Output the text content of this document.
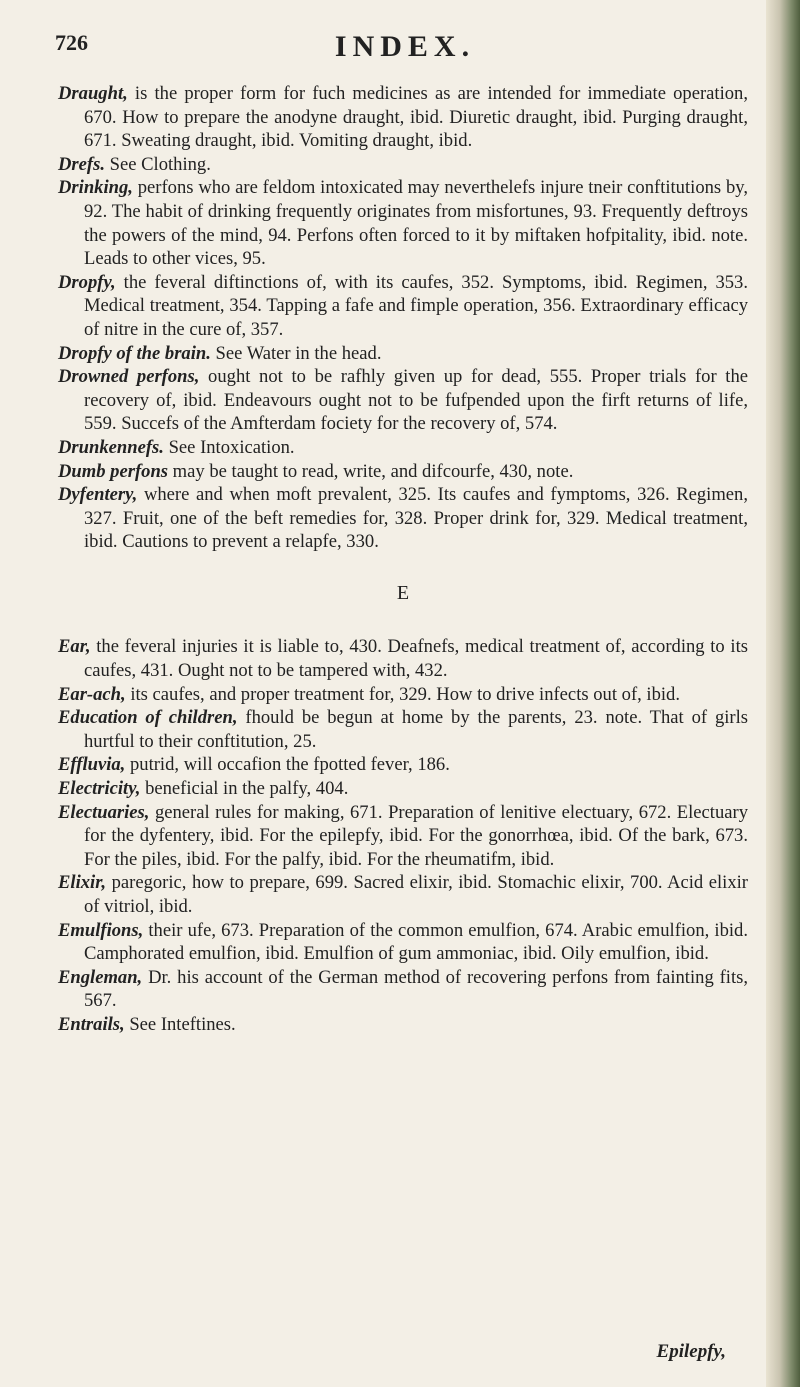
726	INDEX.

Draught, is the proper form for fuch medicines as are intended for immediate operation, 670. How to prepare the anodyne draught, ibid. Diuretic draught, ibid. Purging draught, 671. Sweating draught, ibid. Vomiting draught, ibid.

Drefs. See Clothing.

Drinking, perfons who are feldom intoxicated may neverthelefs injure tneir conftitutions by, 92. The habit of drinking frequently originates from misfortunes, 93. Frequently deftroys the powers of the mind, 94. Perfons often forced to it by miftaken hofpitality, ibid. note. Leads to other vices, 95.

Dropfy, the feveral diftinctions of, with its caufes, 352. Symptoms, ibid. Regimen, 353. Medical treatment, 354. Tapping a fafe and fimple operation, 356. Extraordinary efficacy of nitre in the cure of, 357.

Dropfy of the brain. See Water in the head.

Drowned perfons, ought not to be rafhly given up for dead, 555. Proper trials for the recovery of, ibid. Endeavours ought not to be fufpended upon the firft returns of life, 559. Succefs of the Amfterdam fociety for the recovery of, 574.

Drunkennefs. See Intoxication.

Dumb perfons may be taught to read, write, and difcourfe, 430, note.

Dyfentery, where and when moft prevalent, 325. Its caufes and fymptoms, 326. Regimen, 327. Fruit, one of the beft remedies for, 328. Proper drink for, 329. Medical treatment, ibid. Cautions to prevent a relapfe, 330.

E

Ear, the feveral injuries it is liable to, 430. Deafnefs, medical treatment of, according to its caufes, 431. Ought not to be tampered with, 432.

Ear-ach, its caufes, and proper treatment for, 329. How to drive infects out of, ibid.

Education of children, fhould be begun at home by the parents, 23. note. That of girls hurtful to their conftitution, 25.

Effluvia, putrid, will occafion the fpotted fever, 186.

Electricity, beneficial in the palfy, 404.

Electuaries, general rules for making, 671. Preparation of lenitive electuary, 672. Electuary for the dyfentery, ibid. For the epilepfy, ibid. For the gonorrhœa, ibid. Of the bark, 673. For the piles, ibid. For the palfy, ibid. For the rheumatifm, ibid.

Elixir, paregoric, how to prepare, 699. Sacred elixir, ibid. Stomachic elixir, 700. Acid elixir of vitriol, ibid.

Emulfions, their ufe, 673. Preparation of the common emulfion, 674. Arabic emulfion, ibid. Camphorated emulfion, ibid. Emulfion of gum ammoniac, ibid. Oily emulfion, ibid.

Engleman, Dr. his account of the German method of recovering perfons from fainting fits, 567.

Entrails, See Inteftines.

Epilepfy,
